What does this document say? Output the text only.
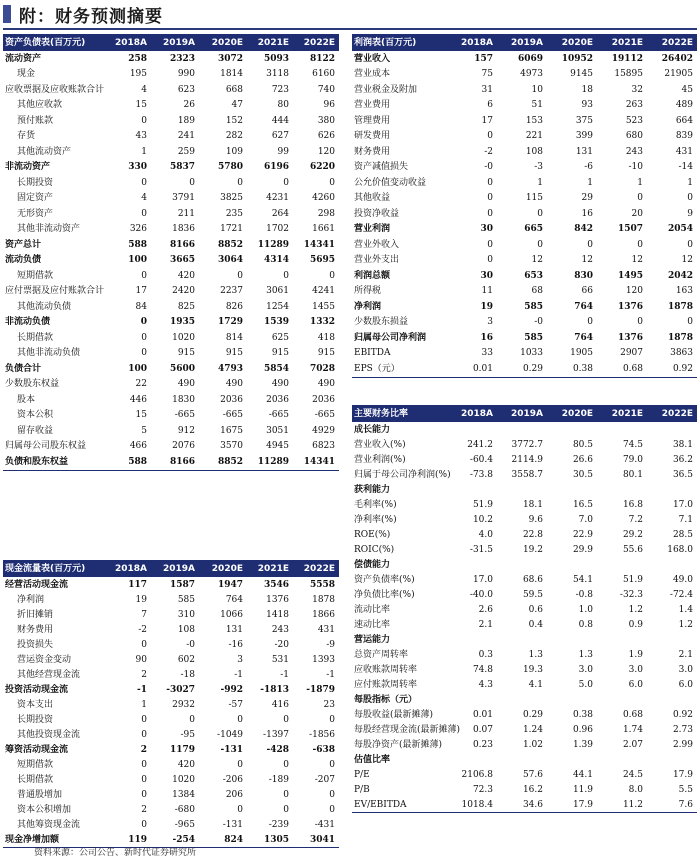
附：财务预测摘要
资产负债表(百万元)	2018A	2019A	2020E	2021E	2022E
流动资产	258	2323	3072	5093	8122
现金	195	990	1814	3118	6160
应收票据及应收账款合计	4	623	668	723	740
其他应收款	15	26	47	80	96
预付账款	0	189	152	444	380
存货	43	241	282	627	626
其他流动资产	1	259	109	99	120
非流动资产	330	5837	5780	6196	6220
长期投资	0	0	0	0	0
固定资产	4	3791	3825	4231	4260
无形资产	0	211	235	264	298
其他非流动资产	326	1836	1721	1702	1661
资产总计	588	8166	8852	11289	14341
流动负债	100	3665	3064	4314	5695
短期借款	0	420	0	0	0
应付票据及应付账款合计	17	2420	2237	3061	4241
其他流动负债	84	825	826	1254	1455
非流动负债	0	1935	1729	1539	1332
长期借款	0	1020	814	625	418
其他非流动负债	0	915	915	915	915
负债合计	100	5600	4793	5854	7028
少数股东权益	22	490	490	490	490
股本	446	1830	2036	2036	2036
资本公积	15	-665	-665	-665	-665
留存收益	5	912	1675	3051	4929
归属母公司股东权益	466	2076	3570	4945	6823
负债和股东权益	588	8166	8852	11289	14341
利润表(百万元)	2018A	2019A	2020E	2021E	2022E
营业收入	157	6069	10952	19112	26402
营业成本	75	4973	9145	15895	21905
营业税金及附加	31	10	18	32	45
营业费用	6	51	93	263	489
管理费用	17	153	375	523	664
研发费用	0	221	399	680	839
财务费用	-2	108	131	243	431
资产减值损失	-0	-3	-6	-10	-14
公允价值变动收益	0	1	1	1	1
其他收益	0	115	29	0	0
投资净收益	0	0	16	20	9
营业利润	30	665	842	1507	2054
营业外收入	0	0	0	0	0
营业外支出	0	12	12	12	12
利润总额	30	653	830	1495	2042
所得税	11	68	66	120	163
净利润	19	585	764	1376	1878
少数股东损益	3	-0	0	0	0
归属母公司净利润	16	585	764	1376	1878
EBITDA	33	1033	1905	2907	3863
EPS（元）	0.01	0.29	0.38	0.68	0.92
主要财务比率	2018A	2019A	2020E	2021E	2022E
成长能力					
营业收入(%)	241.2	3772.7	80.5	74.5	38.1
营业利润(%)	-60.4	2114.9	26.6	79.0	36.2
归属于母公司净利润(%)	-73.8	3558.7	30.5	80.1	36.5
获利能力					
毛利率(%)	51.9	18.1	16.5	16.8	17.0
净利率(%)	10.2	9.6	7.0	7.2	7.1
ROE(%)	4.0	22.8	22.9	29.2	28.5
ROIC(%)	-31.5	19.2	29.9	55.6	168.0
偿债能力					
资产负债率(%)	17.0	68.6	54.1	51.9	49.0
净负债比率(%)	-40.0	59.5	-0.8	-32.3	-72.4
流动比率	2.6	0.6	1.0	1.2	1.4
速动比率	2.1	0.4	0.8	0.9	1.2
营运能力					
总资产周转率	0.3	1.3	1.3	1.9	2.1
应收账款周转率	74.8	19.3	3.0	3.0	3.0
应付账款周转率	4.3	4.1	5.0	6.0	6.0
每股指标（元）					
每股收益(最新摊薄)	0.01	0.29	0.38	0.68	0.92
每股经营现金流(最新摊薄)	0.07	1.24	0.96	1.74	2.73
每股净资产(最新摊薄)	0.23	1.02	1.39	2.07	2.99
估值比率					
P/E	2106.8	57.6	44.1	24.5	17.9
P/B	72.3	16.2	11.9	8.0	5.5
EV/EBITDA	1018.4	34.6	17.9	11.2	7.6
现金流量表(百万元)	2018A	2019A	2020E	2021E	2022E
经营活动现金流	117	1587	1947	3546	5558
净利润	19	585	764	1376	1878
折旧摊销	7	310	1066	1418	1866
财务费用	-2	108	131	243	431
投资损失	0	-0	-16	-20	-9
营运资金变动	90	602	3	531	1393
其他经营现金流	2	-18	-1	-1	-1
投资活动现金流	-1	-3027	-992	-1813	-1879
资本支出	1	2932	-57	416	23
长期投资	0	0	0	0	0
其他投资现金流	0	-95	-1049	-1397	-1856
筹资活动现金流	2	1179	-131	-428	-638
短期借款	0	420	0	0	0
长期借款	0	1020	-206	-189	-207
普通股增加	0	1384	206	0	0
资本公积增加	2	-680	0	0	0
其他筹资现金流	0	-965	-131	-239	-431
现金净增加额	119	-254	824	1305	3041
资料来源：公司公告、新时代证券研究所
